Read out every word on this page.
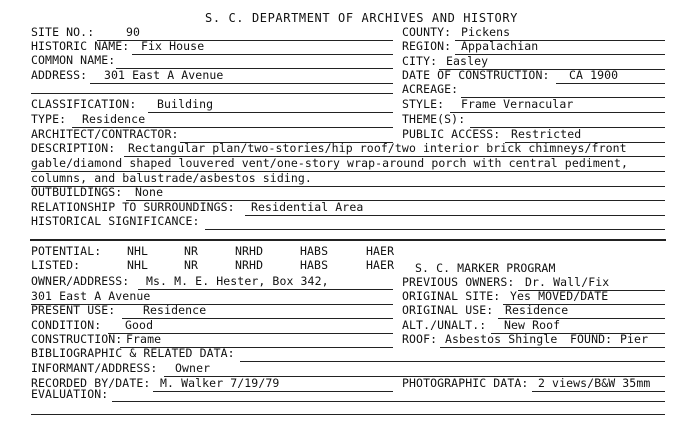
S. C. DEPARTMENT OF ARCHIVES AND HISTORY
SITE NO.:	90
HISTORIC NAME: Fix House
COMMON NAME:
ADDRESS: 301 East A Avenue
CLASSIFICATION: Building
TYPE: Residence
ARCHITECT/CONTRACTOR:
COUNTY: Pickens
REGION: Appalachian
CITY: Easley
DATE OF CONSTRUCTION: CA 1900
ACREAGE:
STYLE: Frame Vernacular
THEME(S):
PUBLIC ACCESS: Restricted
DESCRIPTION: Rectangular plan/two-stories/hip roof/two interior brick chimneys/front
gable/diamond shaped louvered vent/one-story wrap-around porch with central pediment,
columns, and balustrade/asbestos siding.
OUTBUILDINGS: None
RELATIONSHIP TO SURROUNDINGS: Residential Area
HISTORICAL SIGNIFICANCE:
POTENTIAL: NHL	NR	NRHD	HABS	HAER
LISTED:	NHL	NR	NRHD	HABS	HAER S. C. MARKER PROGRAM
OWNER/ADDRESS: Ms. M. E. Hester, Box 342,
301 East A Avenue
PRESENT USE: Residence
CONDITION: Good
CONSTRUCTION: Frame
PREVIOUS OWNERS: Dr. Wall/Fix
ORIGINAL SITE: Yes MOVED/DATE
ORIGINAL USE: Residence
ALT./UNALT.: New Roof
ROOF: Asbestos Shingle FOUND: Pier
BIBLIOGRAPHIC & RELATED DATA:
INFORMANT/ADDRESS: Owner
RECORDED BY/DATE: M. Walker 7/19/79	PHOTOGRAPHIC DATA: 2 views/B&W 35mm
EVALUATION:
